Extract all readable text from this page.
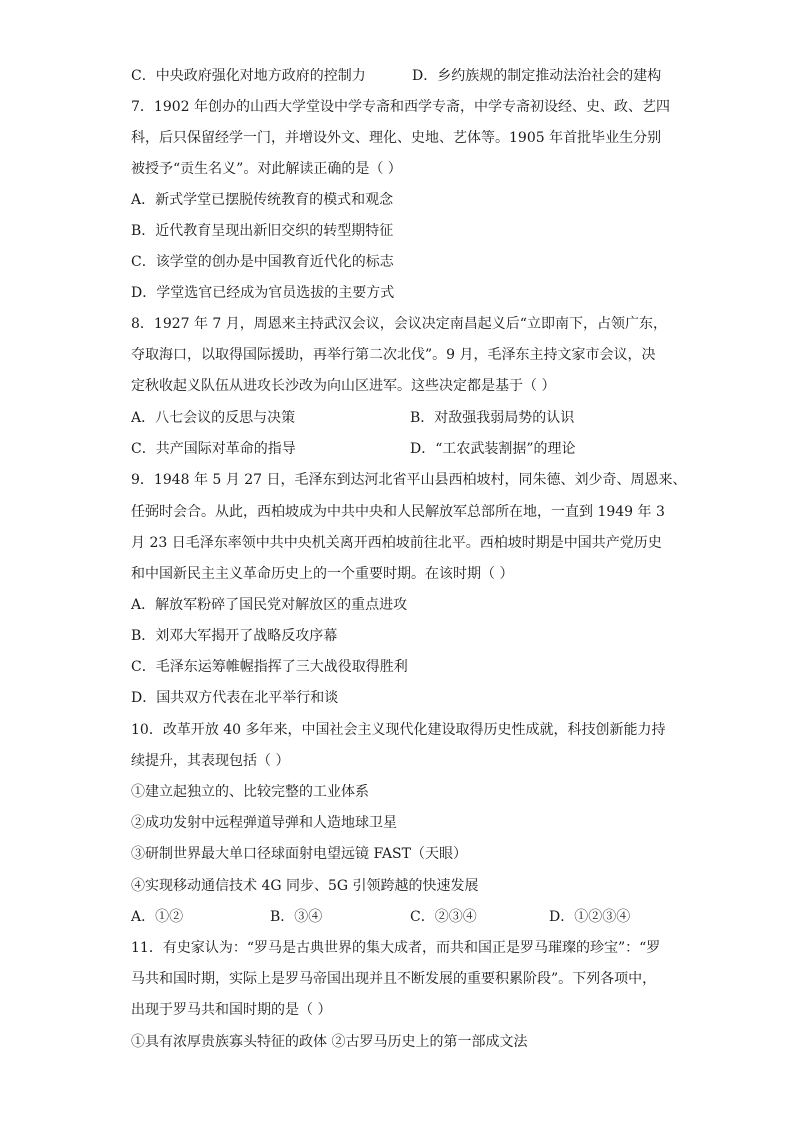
C．中央政府强化对地方政府的控制力	D．乡约族规的制定推动法治社会的建构
7．1902 年创办的山西大学堂设中学专斋和西学专斋，中学专斋初设经、史、政、艺四
科，后只保留经学一门，并增设外文、理化、史地、艺体等。1905 年首批毕业生分别
被授予“贡生名义”。对此解读正确的是（ ）
A．新式学堂已摆脱传统教育的模式和观念
B．近代教育呈现出新旧交织的转型期特征
C．该学堂的创办是中国教育近代化的标志
D．学堂选官已经成为官员选拔的主要方式
8．1927 年 7 月，周恩来主持武汉会议，会议决定南昌起义后“立即南下，占领广东，
夺取海口，以取得国际援助，再举行第二次北伐”。9 月，毛泽东主持文家市会议，决
定秋收起义队伍从进攻长沙改为向山区进军。这些决定都是基于（ ）
A．八七会议的反思与决策	B．对敌强我弱局势的认识
C．共产国际对革命的指导	D．“工农武装割据”的理论
9．1948 年 5 月 27 日，毛泽东到达河北省平山县西柏坡村，同朱德、刘少奇、周恩来、
任弼时会合。从此，西柏坡成为中共中央和人民解放军总部所在地，一直到 1949 年 3
月 23 日毛泽东率领中共中央机关离开西柏坡前往北平。西柏坡时期是中国共产党历史
和中国新民主主义革命历史上的一个重要时期。在该时期（ ）
A．解放军粉碎了国民党对解放区的重点进攻
B．刘邓大军揭开了战略反攻序幕
C．毛泽东运筹帷幄指挥了三大战役取得胜利
D．国共双方代表在北平举行和谈
10．改革开放 40 多年来，中国社会主义现代化建设取得历史性成就，科技创新能力持
续提升，其表现包括（ ）
①建立起独立的、比较完整的工业体系
②成功发射中远程弹道导弹和人造地球卫星
③研制世界最大单口径球面射电望远镜 FAST（天眼）
④实现移动通信技术 4G 同步、5G 引领跨越的快速发展
A．①②	B．③④	C．②③④	D．①②③④
11．有史家认为：“罗马是古典世界的集大成者，而共和国正是罗马璀璨的珍宝”：“罗
马共和国时期，实际上是罗马帝国出现并且不断发展的重要积累阶段”。下列各项中，
出现于罗马共和国时期的是（ ）
①具有浓厚贵族寡头特征的政体 ②古罗马历史上的第一部成文法
